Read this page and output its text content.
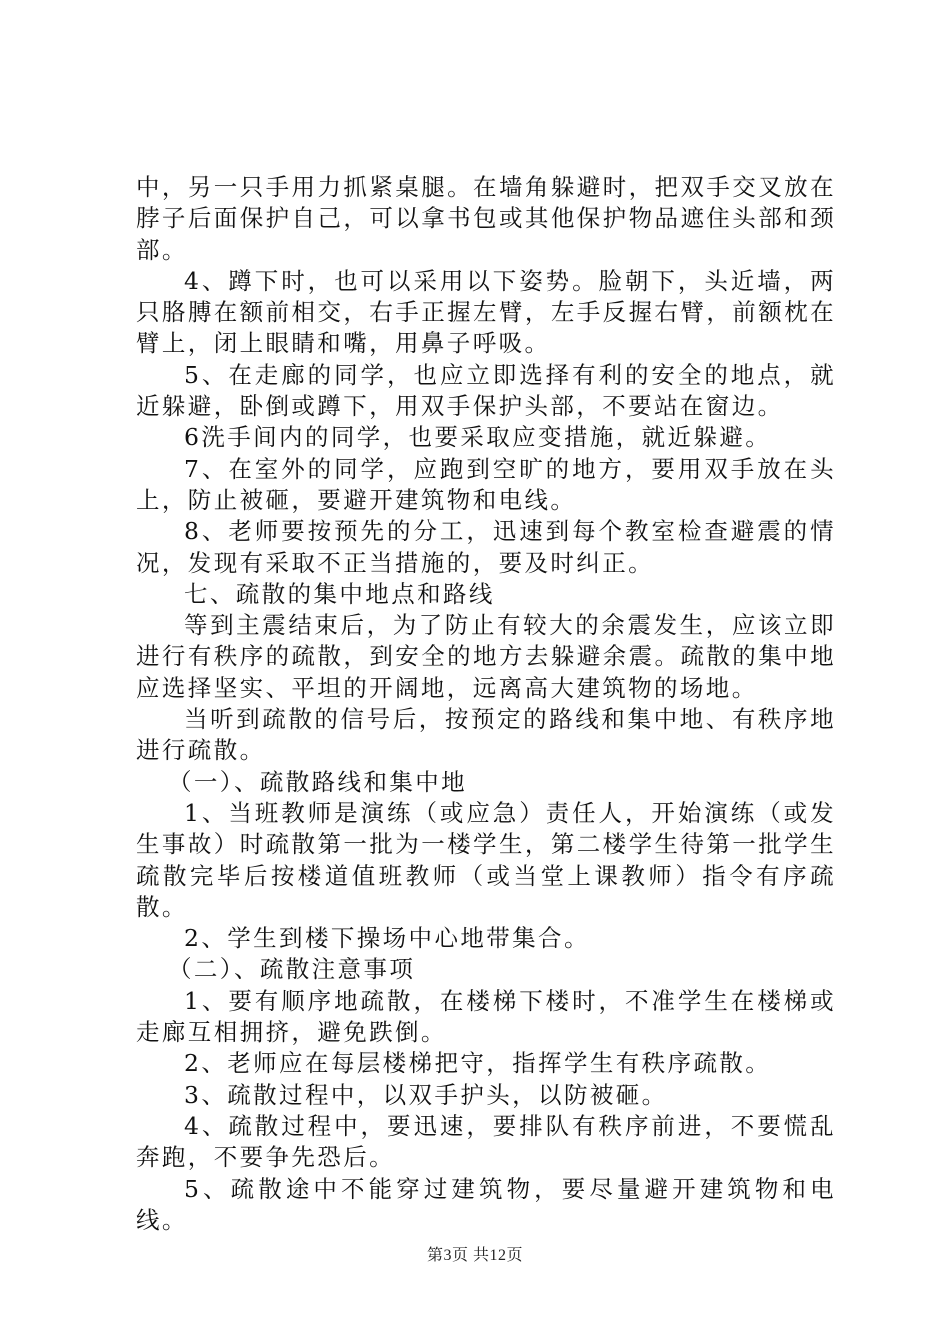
中，另一只手用力抓紧桌腿。在墙角躲避时，把双手交叉放在脖子后面保护自己，可以拿书包或其他保护物品遮住头部和颈部。

4、蹲下时，也可以采用以下姿势。脸朝下，头近墙，两只胳膊在额前相交，右手正握左臂，左手反握右臂，前额枕在臂上，闭上眼睛和嘴，用鼻子呼吸。

5、在走廊的同学，也应立即选择有利的安全的地点，就近躲避，卧倒或蹲下，用双手保护头部，不要站在窗边。

6洗手间内的同学，也要采取应变措施，就近躲避。

7、在室外的同学，应跑到空旷的地方，要用双手放在头上，防止被砸，要避开建筑物和电线。

8、老师要按预先的分工，迅速到每个教室检查避震的情况，发现有采取不正当措施的，要及时纠正。

七、疏散的集中地点和路线

等到主震结束后，为了防止有较大的余震发生，应该立即进行有秩序的疏散，到安全的地方去躲避余震。疏散的集中地应选择坚实、平坦的开阔地，远离高大建筑物的场地。

当听到疏散的信号后，按预定的路线和集中地、有秩序地进行疏散。

（一）、疏散路线和集中地

1、当班教师是演练（或应急）责任人，开始演练（或发生事故）时疏散第一批为一楼学生，第二楼学生待第一批学生疏散完毕后按楼道值班教师（或当堂上课教师）指令有序疏散。

2、学生到楼下操场中心地带集合。

（二）、疏散注意事项

1、要有顺序地疏散，在楼梯下楼时，不准学生在楼梯或走廊互相拥挤，避免跌倒。

2、老师应在每层楼梯把守，指挥学生有秩序疏散。

3、疏散过程中，以双手护头，以防被砸。

4、疏散过程中，要迅速，要排队有秩序前进，不要慌乱奔跑，不要争先恐后。

5、疏散途中不能穿过建筑物，要尽量避开建筑物和电线。

第3页 共12页
